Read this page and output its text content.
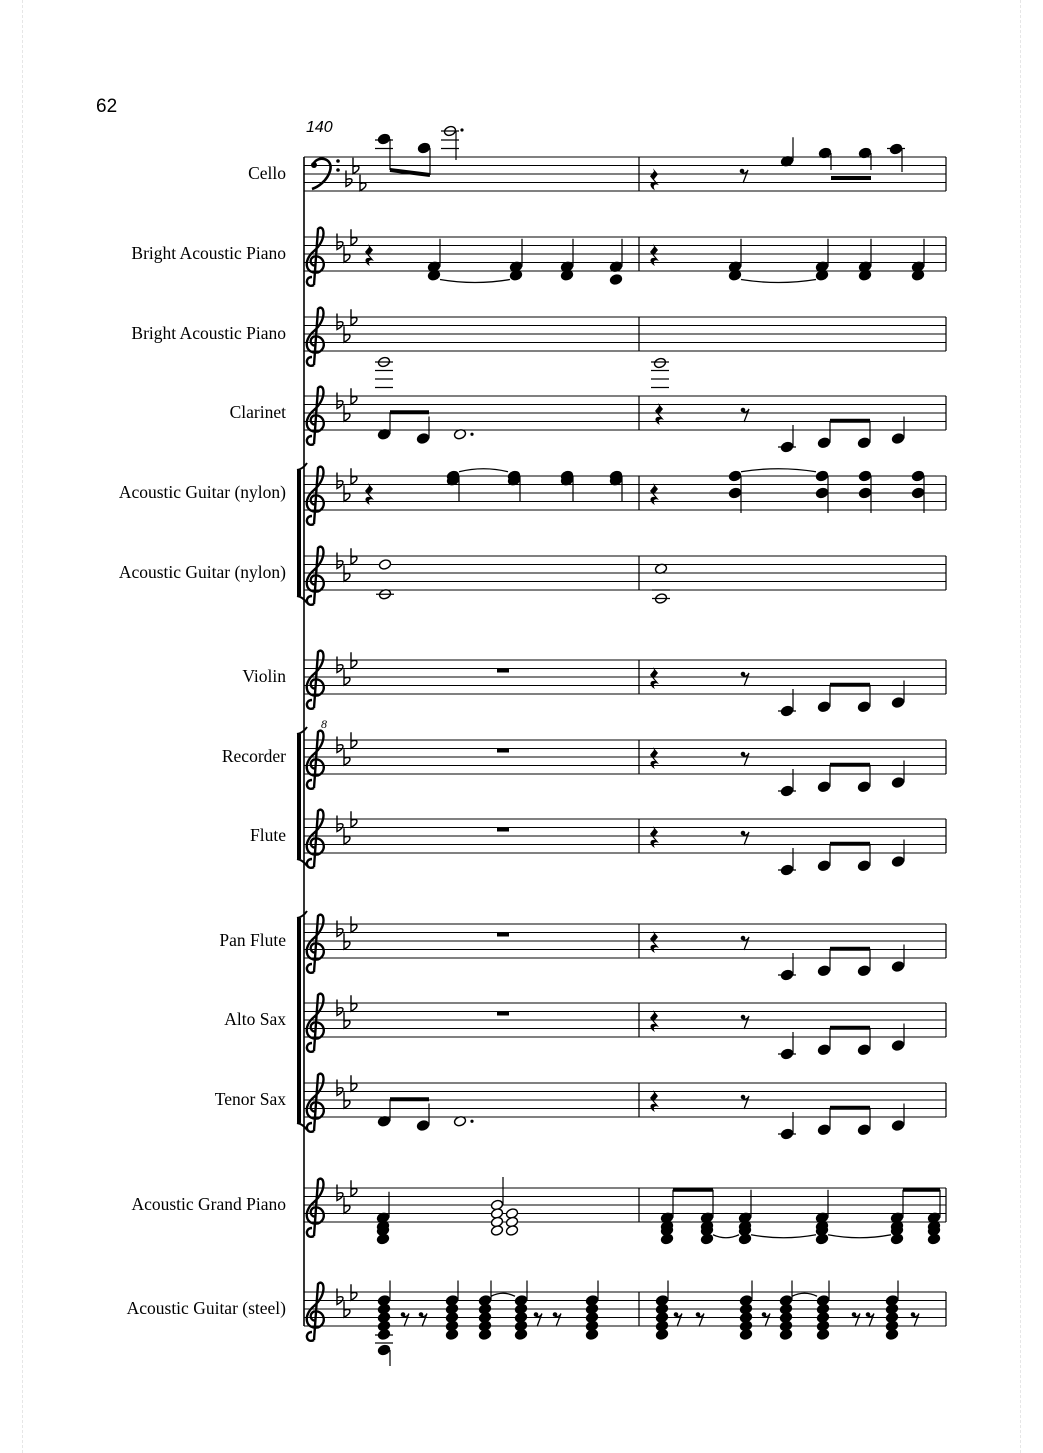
62
140
Cello
Bright Acoustic Piano
Bright Acoustic Piano
Clarinet
Acoustic Guitar (nylon)
Acoustic Guitar (nylon)
Violin
Recorder
Flute
Pan Flute
Alto Sax
Tenor Sax
Acoustic Grand Piano
Acoustic Guitar (steel)
8
